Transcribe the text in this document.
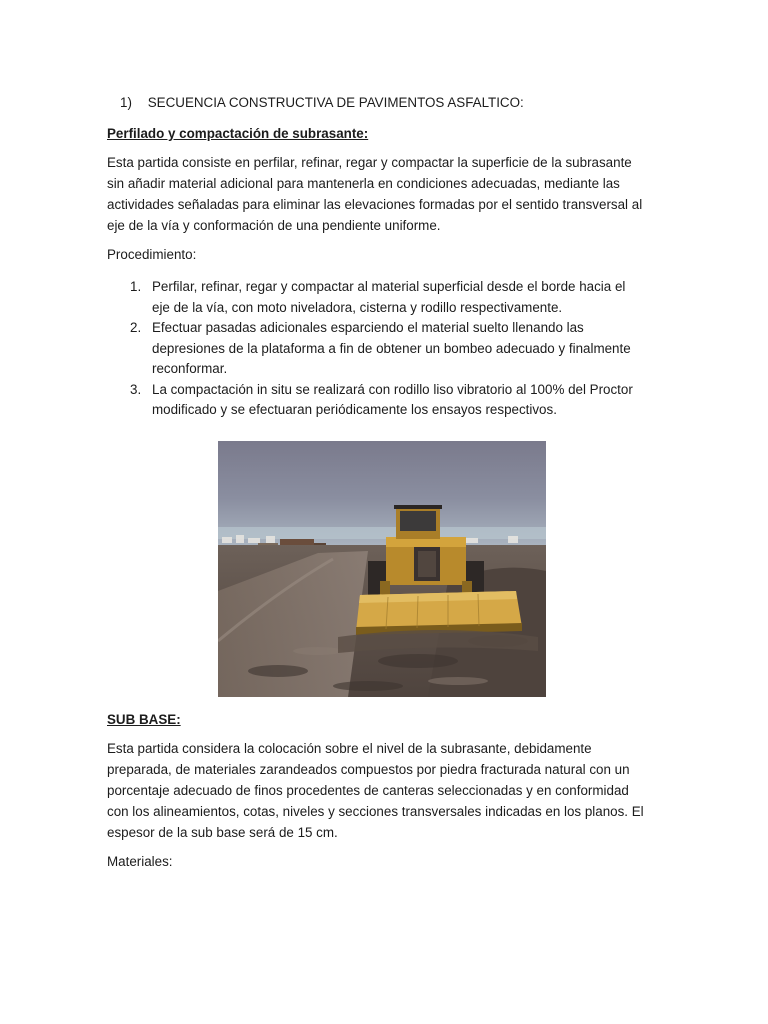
1) SECUENCIA CONSTRUCTIVA DE PAVIMENTOS ASFALTICO:
Perfilado y compactación de subrasante:
Esta partida consiste en perfilar, refinar, regar y compactar la superficie de la subrasante
sin añadir material adicional para mantenerla en condiciones adecuadas, mediante las
actividades señaladas para eliminar las elevaciones formadas por el sentido transversal al
eje de la vía y conformación de una pendiente uniforme.
Procedimiento:
1. Perfilar, refinar, regar y compactar al material superficial desde el borde hacia el
eje de la vía, con moto niveladora, cisterna y rodillo respectivamente.
2. Efectuar pasadas adicionales esparciendo el material suelto llenando las
depresiones de la plataforma a fin de obtener un bombeo adecuado y finalmente
reconformar.
3. La compactación in situ se realizará con rodillo liso vibratorio al 100% del Proctor
modificado y se efectuaran periódicamente los ensayos respectivos.
SUB BASE:
Esta partida considera la colocación sobre el nivel de la subrasante, debidamente
preparada, de materiales zarandeados compuestos por piedra fracturada natural con un
porcentaje adecuado de finos procedentes de canteras seleccionadas y en conformidad
con los alineamientos, cotas, niveles y secciones transversales indicadas en los planos. El
espesor de la sub base será de 15 cm.
Materiales:
